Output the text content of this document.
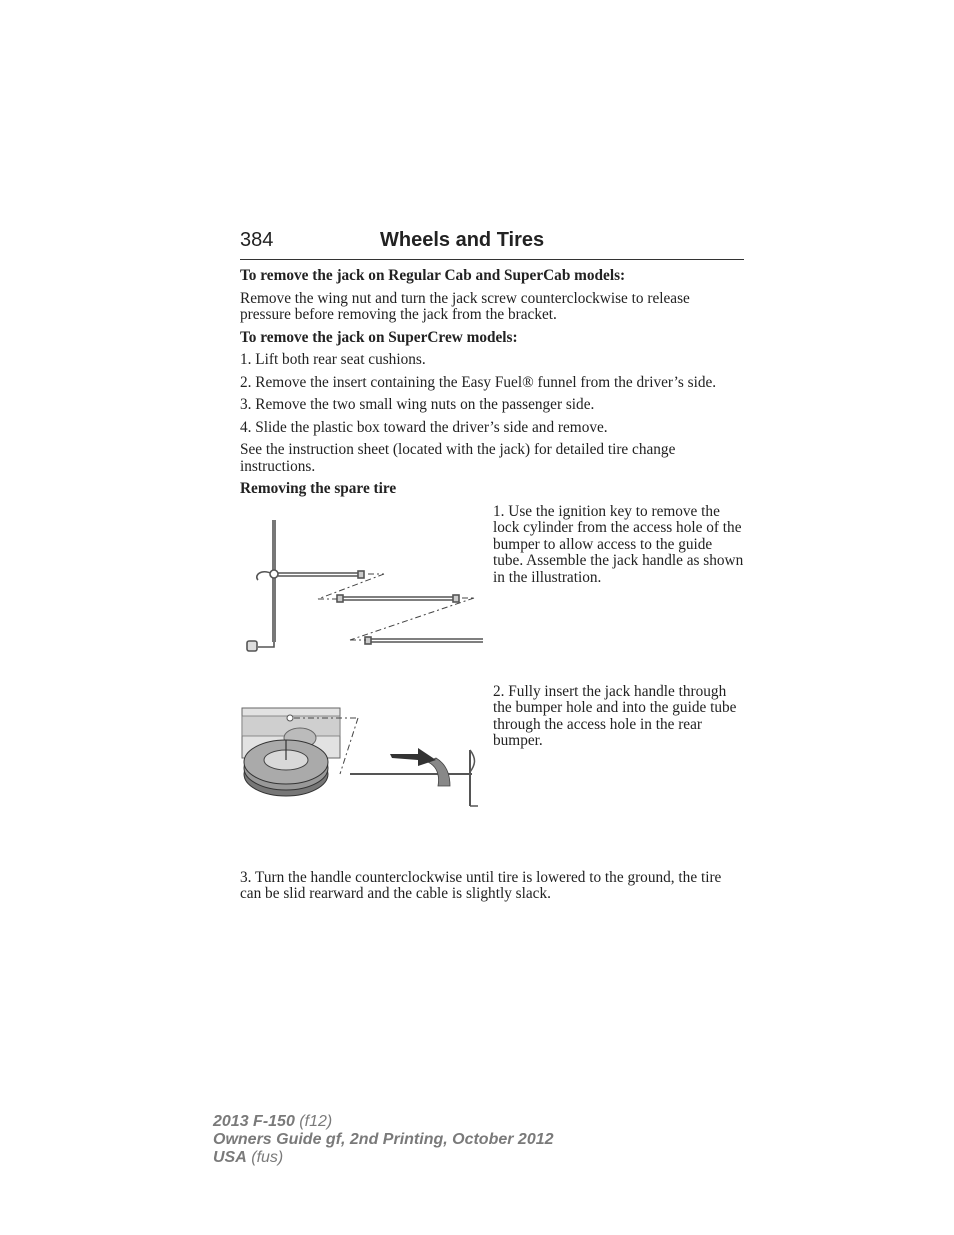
384	Wheels and Tires

To remove the jack on Regular Cab and SuperCab models:

Remove the wing nut and turn the jack screw counterclockwise to release pressure before removing the jack from the bracket.

To remove the jack on SuperCrew models:

1. Lift both rear seat cushions.

2. Remove the insert containing the Easy Fuel® funnel from the driver’s side.

3. Remove the two small wing nuts on the passenger side.

4. Slide the plastic box toward the driver’s side and remove.

See the instruction sheet (located with the jack) for detailed tire change instructions.

Removing the spare tire

1. Use the ignition key to remove the lock cylinder from the access hole of the bumper to allow access to the guide tube. Assemble the jack handle as shown in the illustration.
2. Fully insert the jack handle through the bumper hole and into the guide tube through the access hole in the rear bumper.

3. Turn the handle counterclockwise until tire is lowered to the ground, the tire can be slid rearward and the cable is slightly slack.

2013 F-150 (f12)
Owners Guide gf, 2nd Printing, October 2012
USA (fus)
